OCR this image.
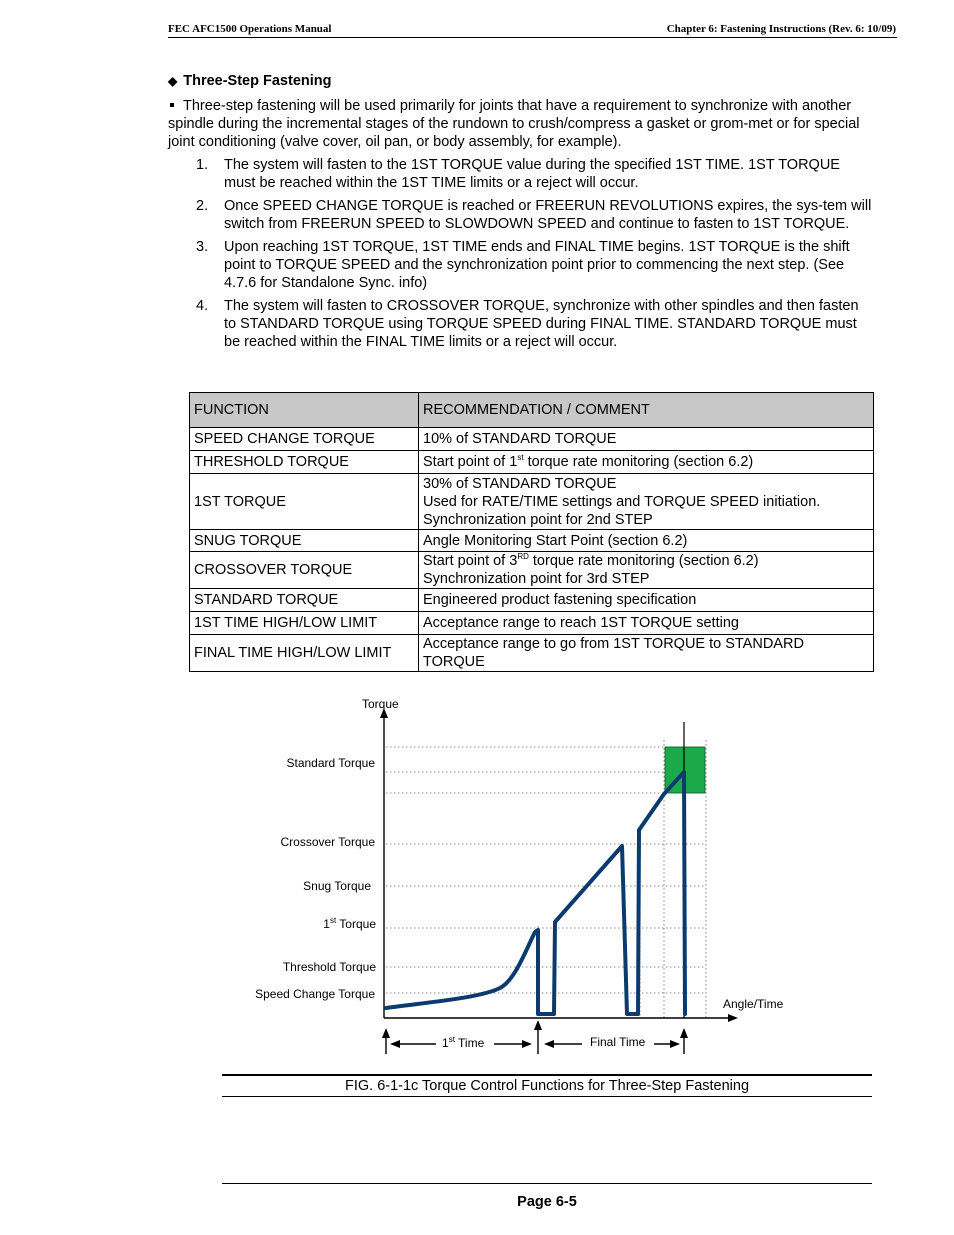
FEC AFC1500 Operations Manual	Chapter 6: Fastening Instructions (Rev. 6: 10/09)
◆ Three-Step Fastening
Three-step fastening will be used primarily for joints that have a requirement to synchronize with another spindle during the incremental stages of the rundown to crush/compress a gasket or grom-met or for special joint conditioning (valve cover, oil pan, or body assembly, for example).
1. The system will fasten to the 1ST TORQUE value during the specified 1ST TIME. 1ST TORQUE must be reached within the 1ST TIME limits or a reject will occur.
2. Once SPEED CHANGE TORQUE is reached or FREERUN REVOLUTIONS expires, the sys-tem will switch from FREERUN SPEED to SLOWDOWN SPEED and continue to fasten to 1ST TORQUE.
3. Upon reaching 1ST TORQUE, 1ST TIME ends and FINAL TIME begins. 1ST TORQUE is the shift point to TORQUE SPEED and the synchronization point prior to commencing the next step. (See 4.7.6 for Standalone Sync. info)
4. The system will fasten to CROSSOVER TORQUE, synchronize with other spindles and then fasten to STANDARD TORQUE using TORQUE SPEED during FINAL TIME. STANDARD TORQUE must be reached within the FINAL TIME limits or a reject will occur.
FUNCTION	RECOMMENDATION / COMMENT
SPEED CHANGE TORQUE	10% of STANDARD TORQUE
THRESHOLD TORQUE	Start point of 1st torque rate monitoring (section 6.2)
1ST TORQUE	30% of STANDARD TORQUE
Used for RATE/TIME settings and TORQUE SPEED initiation.
Synchronization point for 2nd STEP

SNUG TORQUE	Angle Monitoring Start Point (section 6.2)
CROSSOVER TORQUE	Start point of 3RD torque rate monitoring (section 6.2)
Synchronization point for 3rd STEP

STANDARD TORQUE	Engineered product fastening specification
1ST TIME HIGH/LOW LIMIT	Acceptance range to reach 1ST TORQUE setting
FINAL TIME HIGH/LOW LIMIT	Acceptance range to go from 1ST TORQUE to STANDARD TORQUE
Torque
Angle/Time
Standard Torque
Crossover Torque
Snug Torque
1st Torque
Threshold Torque
Speed Change Torque
1st Time	Final Time
FIG. 6-1-1c Torque Control Functions for Three-Step Fastening
Page 6-5
